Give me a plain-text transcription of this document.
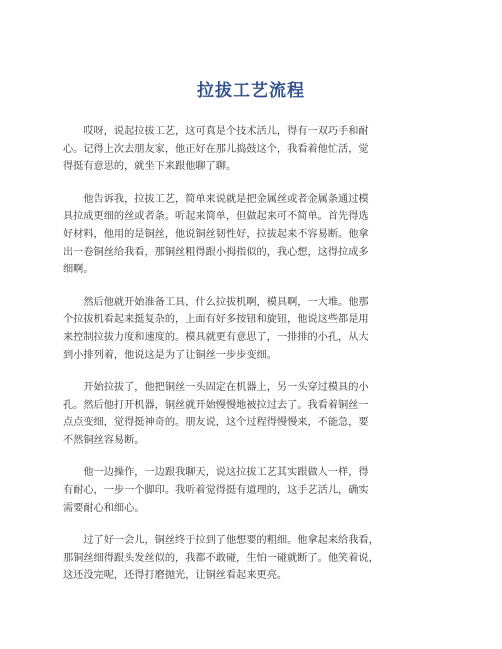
拉拔工艺流程

　　哎呀，说起拉拔工艺，这可真是个技术活儿，得有一双巧手和耐
心。记得上次去朋友家，他正好在那儿捣鼓这个，我看着他忙活，觉
得挺有意思的，就坐下来跟他聊了聊。

　　他告诉我，拉拔工艺，简单来说就是把金属丝或者金属条通过模
具拉成更细的丝或者条。听起来简单，但做起来可不简单。首先得选
好材料，他用的是铜丝，他说铜丝韧性好，拉拔起来不容易断。他拿
出一卷铜丝给我看，那铜丝粗得跟小拇指似的，我心想，这得拉成多
细啊。

　　然后他就开始准备工具，什么拉拔机啊，模具啊，一大堆。他那
个拉拔机看起来挺复杂的，上面有好多按钮和旋钮，他说这些都是用
来控制拉拔力度和速度的。模具就更有意思了，一排排的小孔，从大
到小排列着，他说这是为了让铜丝一步步变细。

　　开始拉拔了，他把铜丝一头固定在机器上，另一头穿过模具的小
孔。然后他打开机器，铜丝就开始慢慢地被拉过去了。我看着铜丝一
点点变细，觉得挺神奇的。朋友说，这个过程得慢慢来，不能急，要
不然铜丝容易断。

　　他一边操作，一边跟我聊天，说这拉拔工艺其实跟做人一样，得
有耐心，一步一个脚印。我听着觉得挺有道理的，这手艺活儿，确实
需要耐心和细心。

　　过了好一会儿，铜丝终于拉到了他想要的粗细。他拿起来给我看，
那铜丝细得跟头发丝似的，我都不敢碰，生怕一碰就断了。他笑着说，
这还没完呢，还得打磨抛光，让铜丝看起来更亮。
